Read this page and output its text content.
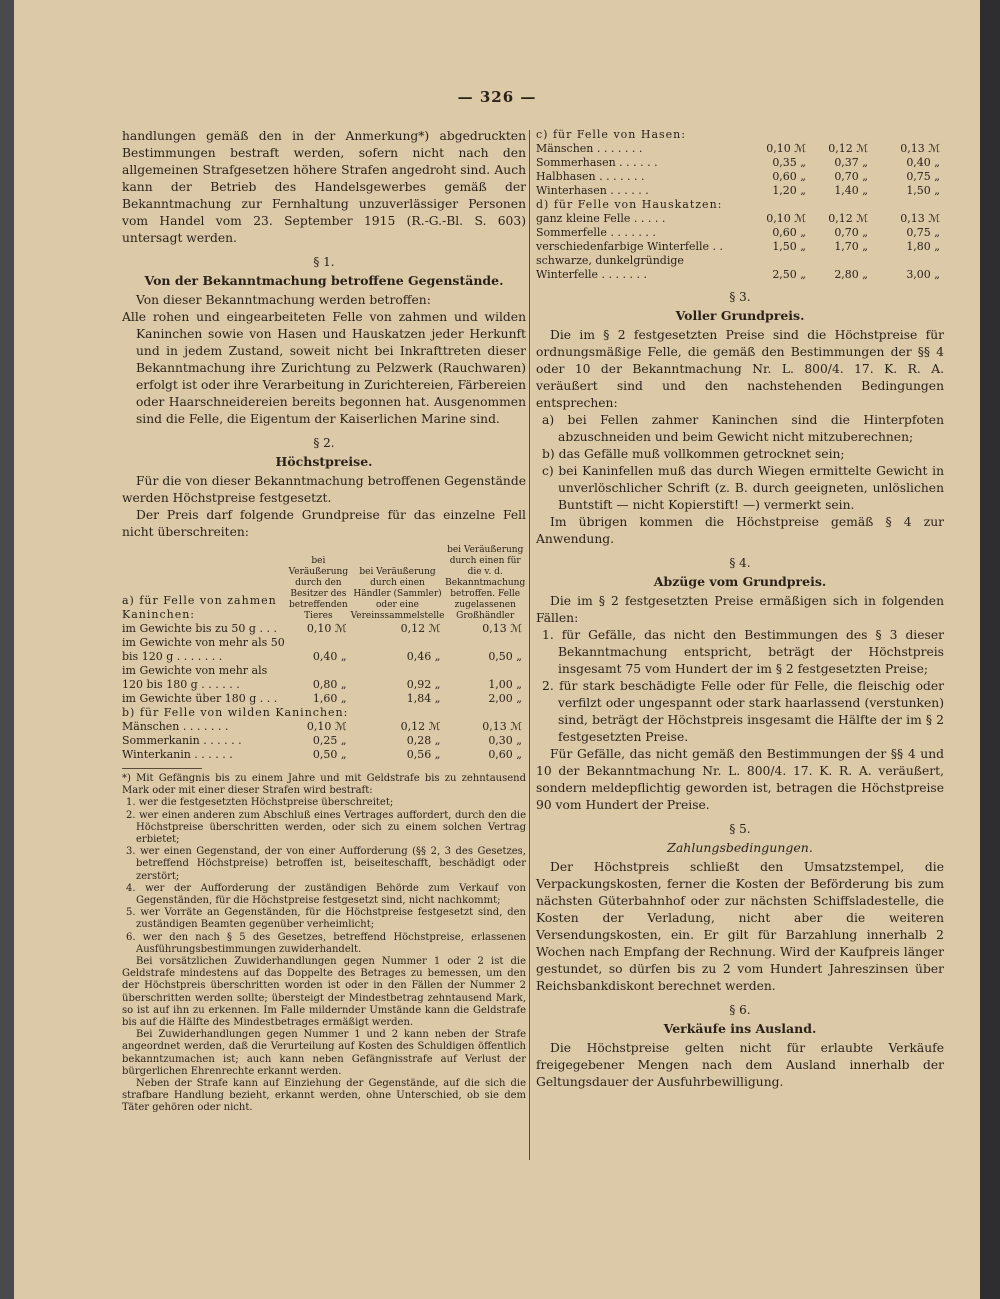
— 326 —

handlungen gemäß den in der Anmerkung*) abgedruckten Bestimmungen bestraft werden, sofern nicht nach den allgemeinen Strafgesetzen höhere Strafen angedroht sind. Auch kann der Betrieb des Handelsgewerbes gemäß der Bekanntmachung zur Fernhaltung unzuverlässiger Personen vom Handel vom 23. September 1915 (R.-G.-Bl. S. 603) untersagt werden.

§ 1.
Von der Bekanntmachung betroffene Gegenstände.

Von dieser Bekanntmachung werden betroffen:

Alle rohen und eingearbeiteten Felle von zahmen und wilden Kaninchen sowie von Hasen und Hauskatzen jeder Herkunft und in jedem Zustand, soweit nicht bei Inkrafttreten dieser Bekanntmachung ihre Zurichtung zu Pelzwerk (Rauchwaren) erfolgt ist oder ihre Verarbeitung in Zurichtereien, Färbereien oder Haarschneidereien bereits begonnen hat. Ausgenommen sind die Felle, die Eigentum der Kaiserlichen Marine sind.

§ 2.
Höchstpreise.

Für die von dieser Bekanntmachung betroffenen Gegenstände werden Höchstpreise festgesetzt.

Der Preis darf folgende Grundpreise für das einzelne Fell nicht überschreiten:

a) für Felle von zahmen Kaninchen:	bei Veräußerung durch den Besitzer des betreffenden Tieres	bei Veräußerung durch einen Händler (Sammler) oder eine Vereinssammelstelle	bei Veräußerung durch einen für die v. d. Bekanntmachung betroffen. Felle zugelassenen Großhändler
im Gewichte bis zu 50 g . . .	0,10 ℳ	0,12 ℳ	0,13 ℳ
im Gewichte von mehr als 50 bis 120 g . . . . . . .	0,40 „	0,46 „	0,50 „
im Gewichte von mehr als 120 bis 180 g . . . . . .	0,80 „	0,92 „	1,00 „
im Gewichte über 180 g . . .	1,60 „	1,84 „	2,00 „
b) für Felle von wilden Kaninchen:			
Mänschen . . . . . . .	0,10 ℳ	0,12 ℳ	0,13 ℳ
Sommerkanin . . . . . .	0,25 „	0,28 „	0,30 „
Winterkanin . . . . . .	0,50 „	0,56 „	0,60 „

*) Mit Gefängnis bis zu einem Jahre und mit Geldstrafe bis zu zehntausend Mark oder mit einer dieser Strafen wird bestraft:

1. wer die festgesetzten Höchstpreise überschreitet;

2. wer einen anderen zum Abschluß eines Vertrages auffordert, durch den die Höchstpreise überschritten werden, oder sich zu einem solchen Vertrag erbietet;

3. wer einen Gegenstand, der von einer Aufforderung (§§ 2, 3 des Gesetzes, betreffend Höchstpreise) betroffen ist, beiseiteschafft, beschädigt oder zerstört;

4. wer der Aufforderung der zuständigen Behörde zum Verkauf von Gegenständen, für die Höchstpreise festgesetzt sind, nicht nachkommt;

5. wer Vorräte an Gegenständen, für die Höchstpreise festgesetzt sind, den zuständigen Beamten gegenüber verheimlicht;

6. wer den nach § 5 des Gesetzes, betreffend Höchstpreise, erlassenen Ausführungsbestimmungen zuwiderhandelt.

Bei vorsätzlichen Zuwiderhandlungen gegen Nummer 1 oder 2 ist die Geldstrafe mindestens auf das Doppelte des Betrages zu bemessen, um den der Höchstpreis überschritten worden ist oder in den Fällen der Nummer 2 überschritten werden sollte; übersteigt der Mindestbetrag zehntausend Mark, so ist auf ihn zu erkennen. Im Falle mildernder Umstände kann die Geldstrafe bis auf die Hälfte des Mindestbetrages ermäßigt werden.

Bei Zuwiderhandlungen gegen Nummer 1 und 2 kann neben der Strafe angeordnet werden, daß die Verurteilung auf Kosten des Schuldigen öffentlich bekanntzumachen ist; auch kann neben Gefängnisstrafe auf Verlust der bürgerlichen Ehrenrechte erkannt werden.

Neben der Strafe kann auf Einziehung der Gegenstände, auf die sich die strafbare Handlung bezieht, erkannt werden, ohne Unterschied, ob sie dem Täter gehören oder nicht.

c) für Felle von Hasen:			
Mänschen . . . . . . .	0,10 ℳ	0,12 ℳ	0,13 ℳ
Sommerhasen . . . . . .	0,35 „	0,37 „	0,40 „
Halbhasen . . . . . . .	0,60 „	0,70 „	0,75 „
Winterhasen . . . . . .	1,20 „	1,40 „	1,50 „
d) für Felle von Hauskatzen:			
ganz kleine Felle . . . . .	0,10 ℳ	0,12 ℳ	0,13 ℳ
Sommerfelle . . . . . . .	0,60 „	0,70 „	0,75 „
verschiedenfarbige Winterfelle . .	1,50 „	1,70 „	1,80 „
schwarze, dunkelgründige Winterfelle . . . . . . .	2,50 „	2,80 „	3,00 „
§ 3.
Voller Grundpreis.

Die im § 2 festgesetzten Preise sind die Höchstpreise für ordnungsmäßige Felle, die gemäß den Bestimmungen der §§ 4 oder 10 der Bekanntmachung Nr. L. 800/4. 17. K. R. A. veräußert sind und den nachstehenden Bedingungen entsprechen:

a) bei Fellen zahmer Kaninchen sind die Hinterpfoten abzuschneiden und beim Gewicht nicht mitzuberechnen;
b) das Gefälle muß vollkommen getrocknet sein;
c) bei Kaninfellen muß das durch Wiegen ermittelte Gewicht in unverlöschlicher Schrift (z. B. durch geeigneten, unlöslichen Buntstift — nicht Kopierstift! —) vermerkt sein.

Im übrigen kommen die Höchstpreise gemäß § 4 zur Anwendung.

§ 4.
Abzüge vom Grundpreis.

Die im § 2 festgesetzten Preise ermäßigen sich in folgenden Fällen:

1. für Gefälle, das nicht den Bestimmungen des § 3 dieser Bekanntmachung entspricht, beträgt der Höchstpreis insgesamt 75 vom Hundert der im § 2 festgesetzten Preise;
2. für stark beschädigte Felle oder für Felle, die fleischig oder verfilzt oder ungespannt oder stark haarlassend (verstunken) sind, beträgt der Höchstpreis insgesamt die Hälfte der im § 2 festgesetzten Preise.

Für Gefälle, das nicht gemäß den Bestimmungen der §§ 4 und 10 der Bekanntmachung Nr. L. 800/4. 17. K. R. A. veräußert, sondern meldepflichtig geworden ist, betragen die Höchstpreise 90 vom Hundert der Preise.

§ 5.
Zahlungsbedingungen.

Der Höchstpreis schließt den Umsatzstempel, die Verpackungskosten, ferner die Kosten der Beförderung bis zum nächsten Güterbahnhof oder zur nächsten Schiffsladestelle, die Kosten der Verladung, nicht aber die weiteren Versendungskosten, ein. Er gilt für Barzahlung innerhalb 2 Wochen nach Empfang der Rechnung. Wird der Kaufpreis länger gestundet, so dürfen bis zu 2 vom Hundert Jahreszinsen über Reichsbankdiskont berechnet werden.

§ 6.
Verkäufe ins Ausland.

Die Höchstpreise gelten nicht für erlaubte Verkäufe freigegebener Mengen nach dem Ausland innerhalb der Geltungsdauer der Ausfuhrbewilligung.
